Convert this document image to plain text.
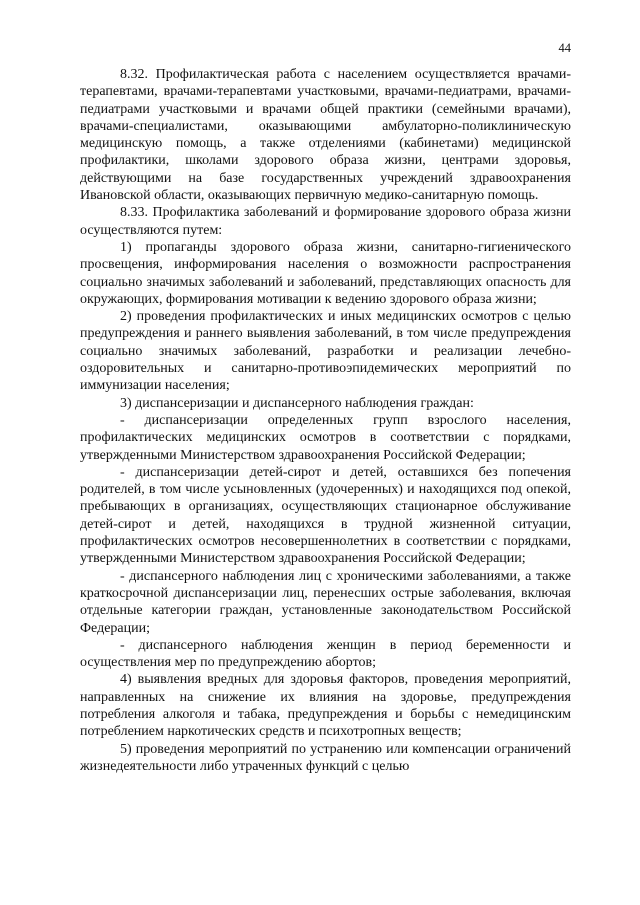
44

8.32. Профилактическая работа с населением осуществляется врачами-терапевтами, врачами-терапевтами участковыми, врачами-педиатрами, врачами-педиатрами участковыми и врачами общей практики (семейными врачами), врачами-специалистами, оказывающими амбулаторно-поликлиническую медицинскую помощь, а также отделениями (кабинетами) медицинской профилактики, школами здорового образа жизни, центрами здоровья, действующими на базе государственных учреждений здравоохранения Ивановской области, оказывающих первичную медико-санитарную помощь.

8.33. Профилактика заболеваний и формирование здорового образа жизни осуществляются путем:

1) пропаганды здорового образа жизни, санитарно-гигиенического просвещения, информирования населения о возможности распространения социально значимых заболеваний и заболеваний, представляющих опасность для окружающих, формирования мотивации к ведению здорового образа жизни;

2) проведения профилактических и иных медицинских осмотров с целью предупреждения и раннего выявления заболеваний, в том числе предупреждения социально значимых заболеваний, разработки и реализации лечебно-оздоровительных и санитарно-противоэпидемических мероприятий по иммунизации населения;

3) диспансеризации и диспансерного наблюдения граждан:

- диспансеризации определенных групп взрослого населения, профилактических медицинских осмотров в соответствии с порядками, утвержденными Министерством здравоохранения Российской Федерации;

- диспансеризации детей-сирот и детей, оставшихся без попечения родителей, в том числе усыновленных (удочеренных) и находящихся под опекой, пребывающих в организациях, осуществляющих стационарное обслуживание детей-сирот и детей, находящихся в трудной жизненной ситуации, профилактических осмотров несовершеннолетних в соответствии с порядками, утвержденными Министерством здравоохранения Российской Федерации;

- диспансерного наблюдения лиц с хроническими заболеваниями, а также краткосрочной диспансеризации лиц, перенесших острые заболевания, включая отдельные категории граждан, установленные законодательством Российской Федерации;

- диспансерного наблюдения женщин в период беременности и осуществления мер по предупреждению абортов;

4) выявления вредных для здоровья факторов, проведения мероприятий, направленных на снижение их влияния на здоровье, предупреждения потребления алкоголя и табака, предупреждения и борьбы с немедицинским потреблением наркотических средств и психотропных веществ;

5) проведения мероприятий по устранению или компенсации ограничений жизнедеятельности либо утраченных функций с целью
